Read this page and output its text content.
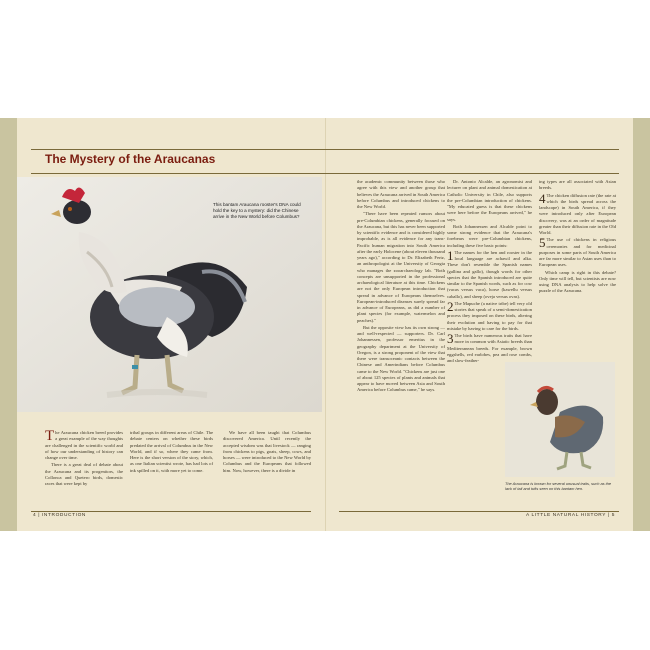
The Mystery of the Araucanas
This bantam Araucana rooster's DNA could hold the key to a mystery: did the Chinese arrive in the New World before Columbus?

The Araucana chicken breed provides a great example of the way thoughts are challenged in the scientific world and of how our understanding of history can change over time.

There is a great deal of debate about the Araucana and its progenitors, the Collonca and Quetero birds, domestic races that were kept by

tribal groups in different areas of Chile. The debate centers on whether these birds predated the arrival of Columbus in the New World, and if so, where they came from. Here is the short version of the story, which, as one Italian scientist wrote, has had lots of ink spilled on it, with more yet to come.

We have all been taught that Columbus discovered America. Until recently the accepted wisdom was that livestock — ranging from chickens to pigs, goats, sheep, cows, and horses — were introduced to the New World by Columbus and the Europeans that followed him. Now, however, there is a divide in

the academic community between those who agree with this view and another group that believes the Araucana arrived in South America before Columbus and introduced chickens to the New World.

"There have been repeated rumors about pre-Columbian chickens, generally focused on the Araucana, but this has never been supported by scientific evidence and is considered highly improbable, as is all evidence for any trans-Pacific human migration into South America after the early Holocene (about eleven thousand years ago)," according to Dr. Elizabeth Fertz, an anthropologist at the University of Georgia who manages the zooarchaeology lab. "Both concepts are unsupported in the professional archaeological literature at this time. Chickens are not the only European introduction that spread in advance of Europeans themselves. European-introduced diseases surely spread far in advance of Europeans, as did a number of plant species (for example, watermelon and peaches)."

But the opposite view has its own strong — and well-respected — supporters. Dr. Carl Johannessen, professor emeritus in the geography department at the University of Oregon, is a strong proponent of the view that there were transoceanic contacts between the Chinese and Amerindians before Columbus came to the New World. "Chickens are just one of about 125 species of plants and animals that appear to have moved between Asia and South America before Columbus came," he says.

Dr. Antonio Alcalde, an agronomist and lecturer on plant and animal domestication at Catholic University in Chile, also supports the pre-Columbian introduction of chickens. "My educated guess is that these chickens were here before the Europeans arrived," he says.

Both Johannessen and Alcalde point to some strong evidence that the Araucana's forebears were pre-Columbian chickens, including these five basic points:

1 The names for the hen and rooster in the local language are achawil and alka. These don't resemble the Spanish names (gallina and gallo), though words for other species that the Spanish introduced are quite similar to the Spanish words, such as for cow (vacas versus vaca), horse (kawellu versus caballo), and sheep (oveja versus ovas).

2 The Mapuche (a native tribe) tell very old stories that speak of a semi-domestication process they imposed on these birds, altering their evolution and having to pay for that mistake by having to care for the birds.

3 The birds have numerous traits that have more in common with Asiatic breeds than Mediterranean breeds. For example, brown eggshells, red earlobes, pea and rose combs, and slow-feather-

ing types are all associated with Asian breeds.

4 The chicken diffusion rate (the rate at which the birds spread across the landscape) in South America, if they were introduced only after European discovery, was at an order of magnitude greater than their diffusion rate in the Old World.

5 The use of chickens in religious ceremonies and for medicinal purposes in some parts of South America are far more similar to Asian uses than to European uses.

Which camp is right in this debate? Only time will tell, but scientists are now using DNA analysis to help solve the puzzle of the Araucana.

The Araucana is known for several unusual traits, such as the lack of tail and tufts seen on this bantam hen.
4 | INTRODUCTION	A LITTLE NATURAL HISTORY | 5
